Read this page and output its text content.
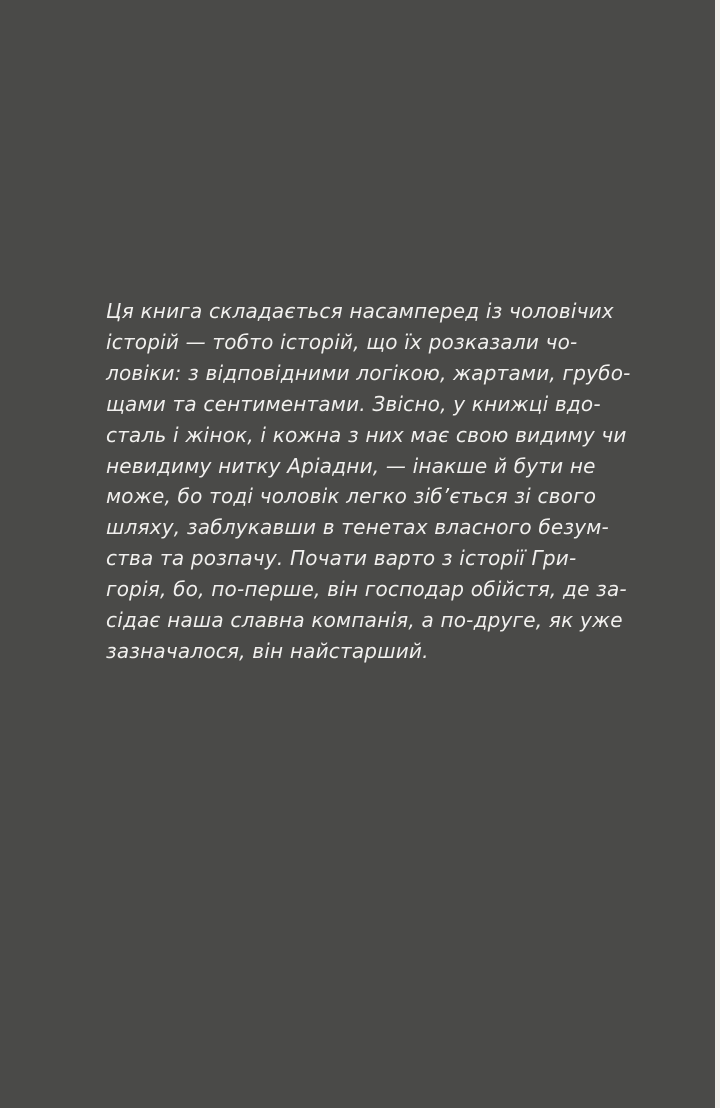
Ця книга складається насамперед із чоловічих
історій — тобто історій, що їх розказали чо-
ловіки: з відповідними логікою, жартами, грубо-
щами та сентиментами. Звісно, у книжці вдо-
сталь і жінок, і кожна з них має свою видиму чи
невидиму нитку Аріадни, — інакше й бути не
може, бо тоді чоловік легко зіб’ється зі свого
шляху, заблукавши в тенетах власного безум-
ства та розпачу. Почати варто з історії Гри-
горія, бо, по-перше, він господар обійстя, де за-
сідає наша славна компанія, а по-друге, як уже
зазначалося, він найстарший.
